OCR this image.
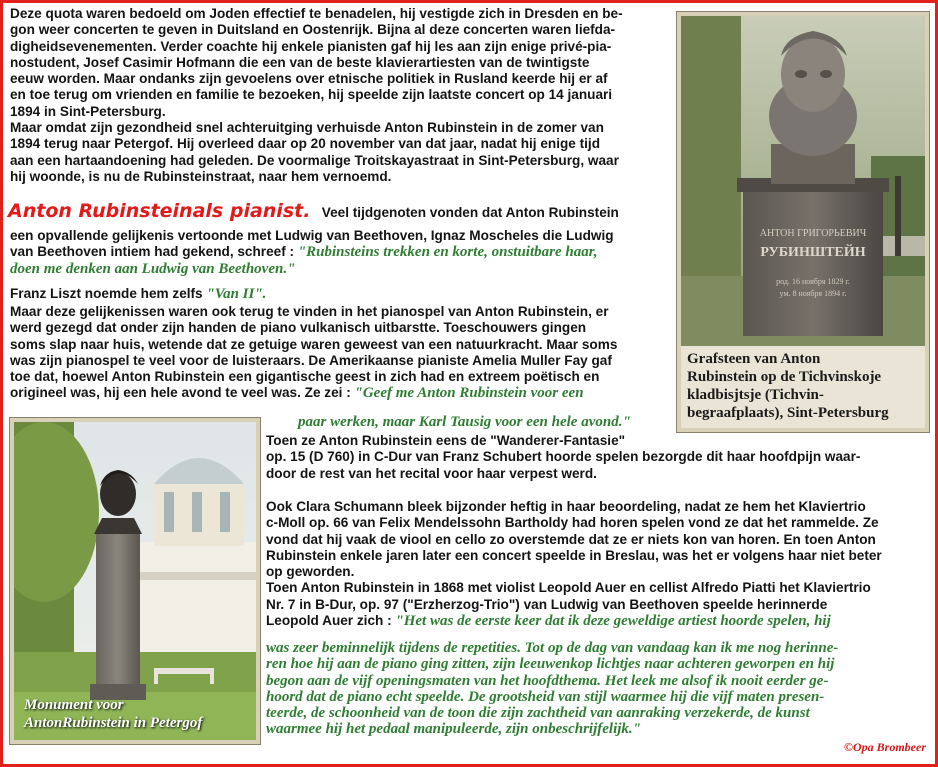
Deze quota waren bedoeld om Joden effectief te benadelen, hij vestigde zich in Dresden en be-
gon weer concerten te geven in Duitsland en Oostenrijk. Bijna al deze concerten waren liefda-
digheidsevenementen. Verder coachte hij enkele pianisten gaf hij les aan zijn enige privé-pia-
nostudent, Josef Casimir Hofmann die een van de beste klavierartiesten van de twintigste
eeuw worden. Maar ondanks zijn gevoelens over etnische politiek in Rusland keerde hij er af
en toe terug om vrienden en familie te bezoeken, hij speelde zijn laatste concert op 14 januari
1894 in Sint-Petersburg.
Maar omdat zijn gezondheid snel achteruitging verhuisde Anton Rubinstein in de zomer van
1894 terug naar Petergof. Hij overleed daar op 20 november van dat jaar, nadat hij enige tijd
aan een hartaandoening had geleden. De voormalige Troitskayastraat in Sint-Petersburg, waar
hij woonde, is nu de Rubinsteinstraat, naar hem vernoemd.

Anton Rubinsteinals pianist. Veel tijdgenoten vonden dat Anton Rubinstein

een opvallende gelijkenis vertoonde met Ludwig van Beethoven, Ignaz Moscheles die Ludwig
van Beethoven intiem had gekend, schreef : "Rubinsteins trekken en korte, onstuitbare haar,
doen me denken aan Ludwig van Beethoven."

Franz Liszt noemde hem zelfs "Van II".

Maar deze gelijkenissen waren ook terug te vinden in het pianospel van Anton Rubinstein, er
werd gezegd dat onder zijn handen de piano vulkanisch uitbarstte. Toeschouwers gingen
soms slap naar huis, wetende dat ze getuige waren geweest van een natuurkracht. Maar soms
was zijn pianospel te veel voor de luisteraars. De Amerikaanse pianiste Amelia Muller Fay gaf
toe dat, hoewel Anton Rubinstein een gigantische geest in zich had en extreem poëtisch en
origineel was, hij een hele avond te veel was. Ze zei : "Geef me Anton Rubinstein voor een

paar werken, maar Karl Tausig voor een hele avond."

Toen ze Anton Rubinstein eens de "Wanderer-Fantasie"
op. 15 (D 760) in C-Dur van Franz Schubert hoorde spelen bezorgde dit haar hoofdpijn waar-
door de rest van het recital voor haar verpest werd.

Ook Clara Schumann bleek bijzonder heftig in haar beoordeling, nadat ze hem het Klaviertrio
c-Moll op. 66 van Felix Mendelssohn Bartholdy had horen spelen vond ze dat het rammelde. Ze
vond dat hij vaak de viool en cello zo overstemde dat ze er niets kon van horen. En toen Anton
Rubinstein enkele jaren later een concert speelde in Breslau, was het er volgens haar niet beter
op geworden.
Toen Anton Rubinstein in 1868 met violist Leopold Auer en cellist Alfredo Piatti het Klaviertrio
Nr. 7 in B-Dur, op. 97 ("Erzherzog-Trio") van Ludwig van Beethoven speelde herinnerde
Leopold Auer zich : "Het was de eerste keer dat ik deze geweldige artiest hoorde spelen, hij

was zeer beminnelijk tijdens de repetities. Tot op de dag van vandaag kan ik me nog herinne-
ren hoe hij aan de piano ging zitten, zijn leeuwenkop lichtjes naar achteren geworpen en hij
begon aan de vijf openingsmaten van het hoofdthema. Het leek me alsof ik nooit eerder ge-
hoord dat de piano echt speelde. De grootsheid van stijl waarmee hij die vijf maten presen-
teerde, de schoonheid van de toon die zijn zachtheid van aanraking verzekerde, de kunst
waarmee hij het pedaal manipuleerde, zijn onbeschrijfelijk."

АНТОН ГРИГОРЬЕВИЧ
РУБИНШТЕЙН
род. 16 ноября 1829 г.
ум. 8 ноября 1894 г.
Grafsteen van Anton
Rubinstein op de Tichvinskoje
kladbisjtsje (Tichvin-
begraafplaats), Sint-Petersburg
Monument voor
AntonRubinstein in Petergof
©Opa Brombeer
